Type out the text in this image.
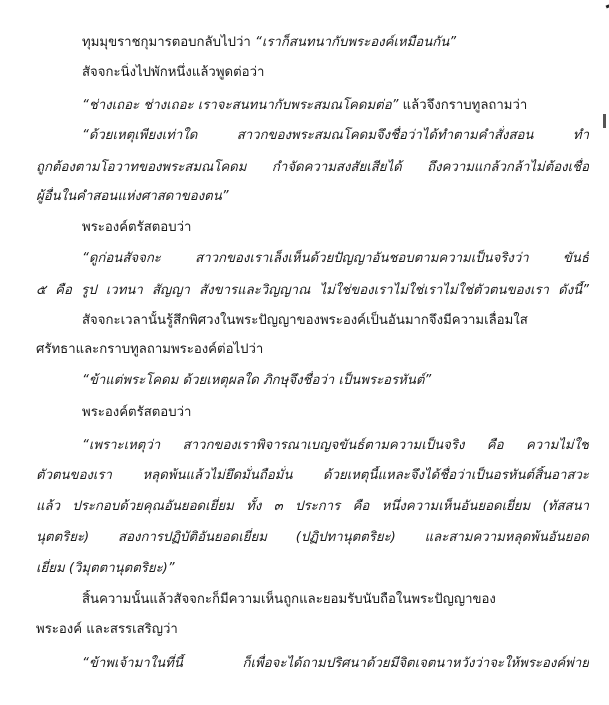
ทุมมุขราชกุมารตอบกลับไปว่า “เราก็สนทนากับพระองค์เหมือนกัน”
สัจจกะนิ่งไปพักหนึ่งแล้วพูดต่อว่า
“ช่างเถอะ ช่างเถอะ เราจะสนทนากับพระสมณโคดมต่อ” แล้วจึงกราบทูลถามว่า
“ด้วยเหตุเพียงเท่าใด สาวกของพระสมณโคดมจึงชื่อว่าได้ทำตามคำสั่งสอน ทำ
ถูกต้องตามโอวาทของพระสมณโคดม กำจัดความสงสัยเสียได้ ถึงความแกล้วกล้าไม่ต้องเชื่อ
ผู้อื่นในคำสอนแห่งศาสดาของตน”
พระองค์ตรัสตอบว่า
“ดูก่อนสัจจกะ สาวกของเราเล็งเห็นด้วยปัญญาอันชอบตามความเป็นจริงว่า ขันธ์
๕ คือ รูป เวทนา สัญญา สังขารและวิญญาณ ไม่ใช่ของเราไม่ใช่เราไม่ใช่ตัวตนของเรา ดังนี้”
สัจจกะเวลานั้นรู้สึกพิศวงในพระปัญญาของพระองค์เป็นอันมากจึงมีความเลื่อมใส
ศรัทธาและกราบทูลถามพระองค์ต่อไปว่า
“ข้าแต่พระโคดม ด้วยเหตุผลใด ภิกษุจึงชื่อว่า เป็นพระอรหันต์”
พระองค์ตรัสตอบว่า
“เพราะเหตุว่า สาวกของเราพิจารณาเบญจขันธ์ตามความเป็นจริง คือ ความไม่ใช่
ตัวตนของเรา หลุดพ้นแล้วไม่ยึดมั่นถือมั่น ด้วยเหตุนี้แหละจึงได้ชื่อว่าเป็นอรหันต์สิ้นอาสวะ
แล้ว ประกอบด้วยคุณอันยอดเยี่ยม ทั้ง ๓ ประการ คือ หนึ่งความเห็นอันยอดเยี่ยม (ทัสสนา
นุตตริยะ) สองการปฏิบัติอันยอดเยี่ยม (ปฏิปทานุตตริยะ) และสามความหลุดพ้นอันยอด
เยี่ยม (วิมุตตานุตตริยะ)”
สิ้นความนั้นแล้วสัจจกะก็มีความเห็นถูกและยอมรับนับถือในพระปัญญาของ
พระองค์ และสรรเสริญว่า
“ข้าพเจ้ามาในที่นี้ ก็เพื่อจะได้ถามปริศนาด้วยมีจิตเจตนาหวังว่าจะให้พระองค์พ่าย
